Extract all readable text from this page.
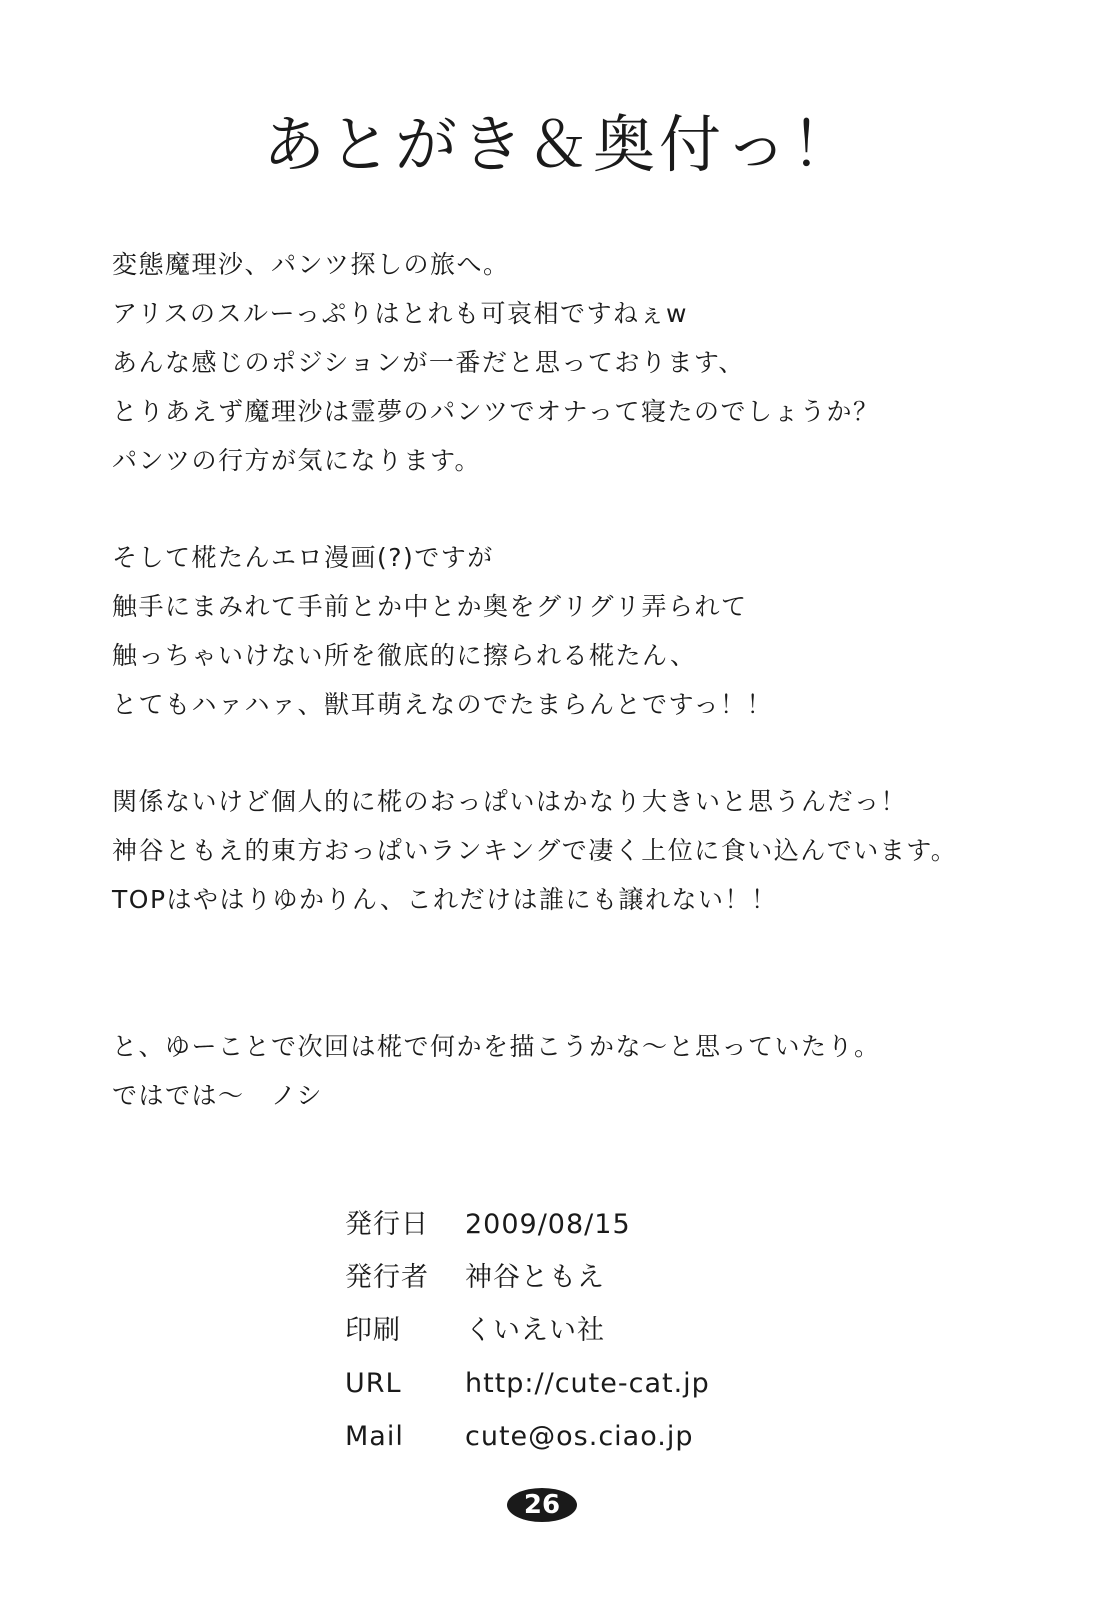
あとがき＆奥付っ！
変態魔理沙、パンツ探しの旅へ。
アリスのスルーっぷりはとれも可哀相ですねぇw
あんな感じのポジションが一番だと思っております、
とりあえず魔理沙は霊夢のパンツでオナって寝たのでしょうか？
パンツの行方が気になります。
そして椛たんエロ漫画(?)ですが
触手にまみれて手前とか中とか奥をグリグリ弄られて
触っちゃいけない所を徹底的に擦られる椛たん、
とてもハァハァ、獣耳萌えなのでたまらんとですっ！！
関係ないけど個人的に椛のおっぱいはかなり大きいと思うんだっ！
神谷ともえ的東方おっぱいランキングで凄く上位に食い込んでいます。
TOPはやはりゆかりん、これだけは誰にも譲れない！！
と、ゆーことで次回は椛で何かを描こうかな〜と思っていたり。
ではでは〜　ノシ
発行日	2009/08/15
発行者	神谷ともえ
印刷	くいえい社
URL	http://cute-cat.jp
Mail	cute@os.ciao.jp
26
